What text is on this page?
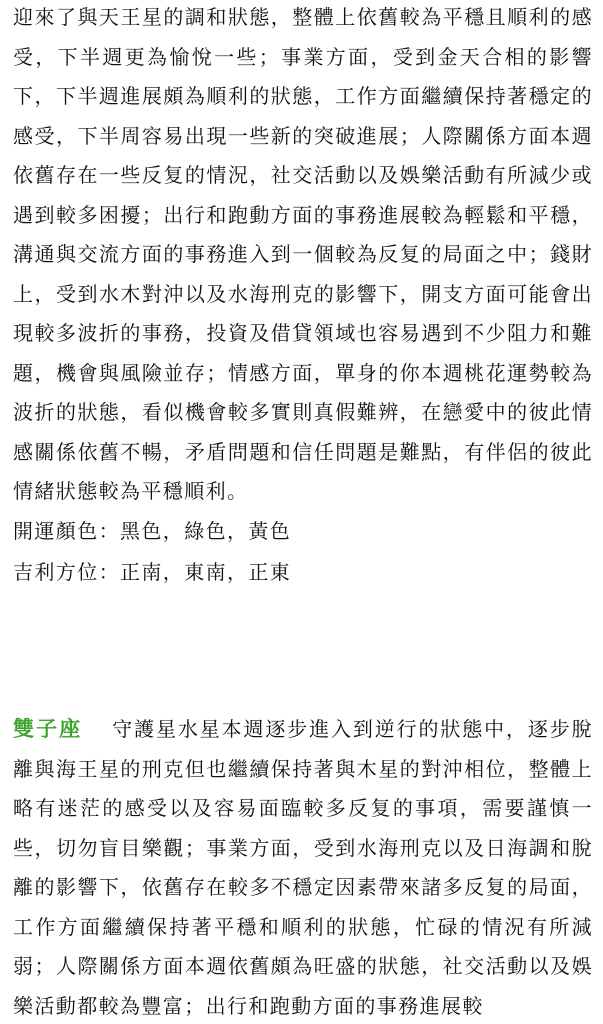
迎來了與天王星的調和狀態，整體上依舊較為平穩且順利的感受，下半週更為愉悅一些；事業方面，受到金天合相的影響下，下半週進展頗為順利的狀態，工作方面繼續保持著穩定的感受，下半周容易出現一些新的突破進展；人際關係方面本週依舊存在一些反复的情況，社交活動以及娛樂活動有所減少或遇到較多困擾；出行和跑動方面的事務進展較為輕鬆和平穩，溝通與交流方面的事務進入到一個較為反复的局面之中；錢財上，受到水木對沖以及水海刑克的影響下，開支方面可能會出現較多波折的事務，投資及借貸領域也容易遇到不少阻力和難題，機會與風險並存；情感方面，單身的你本週桃花運勢較為波折的狀態，看似機會較多實則真假難辨，在戀愛中的彼此情感關係依舊不暢，矛盾問題和信任問題是難點，有伴侶的彼此情緒狀態較為平穩順利。

開運顏色：黑色，綠色，黃色

吉利方位：正南，東南，正東

雙子座 守護星水星本週逐步進入到逆行的狀態中，逐步脫離與海王星的刑克但也繼續保持著與木星的對沖相位，整體上略有迷茫的感受以及容易面臨較多反复的事項，需要謹慎一些，切勿盲目樂觀；事業方面，受到水海刑克以及日海調和脫離的影響下，依舊存在較多不穩定因素帶來諸多反复的局面，工作方面繼續保持著平穩和順利的狀態，忙碌的情況有所減弱；人際關係方面本週依舊頗為旺盛的狀態，社交活動以及娛樂活動都較為豐富；出行和跑動方面的事務進展較
